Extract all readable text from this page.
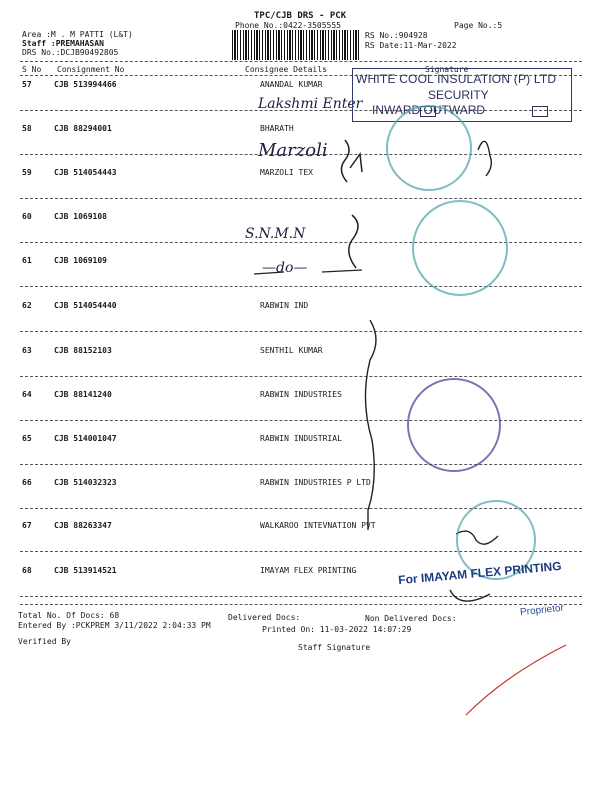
TPC/CJB DRS - PCK
Phone No.:0422-3505555	Page No.:5
Area :M . M PATTI (L&T)
Staff :PREMAHASAN
DRS No.:DCJB90492805
RS No.:904928
RS Date:11-Mar-2022
S No Consignment No	Consignee Details	Signature
57	CJB 513994466	ANANDAL KUMAR
58	CJB 88294001	BHARATH
59	CJB 514054443	MARZOLI TEX
60	CJB 1069108
61	CJB 1069109
62	CJB 514054440	RABWIN IND
63	CJB 88152103	SENTHIL KUMAR
64	CJB 88141240	RABWIN INDUSTRIES
65	CJB 514001047	RABWIN INDUSTRIAL
66	CJB 514032323	RABWIN INDUSTRIES P LTD
67	CJB 88263347	WALKAROO INTEVNATION PVT
68	CJB 513914521	IMAYAM FLEX PRINTING
Lakshmi Enter
Marzoli
S.N.M.N
—do—
WHITE COOL INSULATION (P) LTD
SECURITY
INWARD OUTWARD
For IMAYAM FLEX PRINTING
Proprietor
Total No. Of Docs: 68	Delivered Docs:	Non Delivered Docs:
Entered By :PCKPREM 3/11/2022 2:04:33 PM	Printed On: 11-03-2022 14:07:29
Verified By
Staff Signature
